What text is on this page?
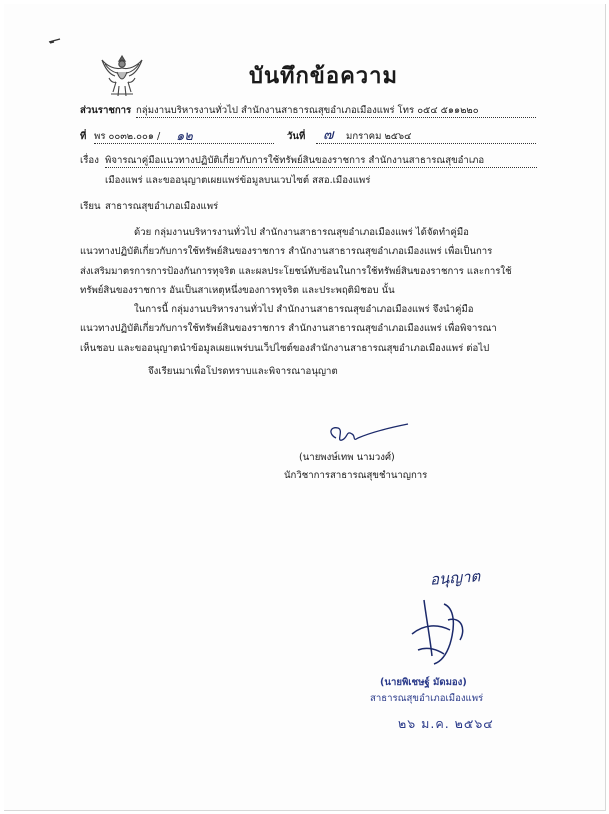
บันทึกข้อความ
ส่วนราชการ กลุ่มงานบริหารงานทั่วไป สำนักงานสาธารณสุขอำเภอเมืองแพร่ โทร ๐๕๔ ๕๑๑๒๒๐
ที่ พร ๐๐๓๒.๐๐๑ / ๑๒	วันที่ ๗ มกราคม ๒๕๖๔
เรื่อง พิจารณาคู่มือแนวทางปฏิบัติเกี่ยวกับการใช้ทรัพย์สินของราชการ สำนักงานสาธารณสุขอำเภอ
เมืองแพร่ และขออนุญาตเผยแพร่ข้อมูลบนเวบไซต์ สสอ.เมืองแพร่
เรียน สาธารณสุขอำเภอเมืองแพร่
ด้วย กลุ่มงานบริหารงานทั่วไป สำนักงานสาธารณสุขอำเภอเมืองแพร่ ได้จัดทำคู่มือ
แนวทางปฏิบัติเกี่ยวกับการใช้ทรัพย์สินของราชการ สำนักงานสาธารณสุขอำเภอเมืองแพร่ เพื่อเป็นการ
ส่งเสริมมาตรการการป้องกันการทุจริต และผลประโยชน์ทับซ้อนในการใช้ทรัพย์สินของราชการ และการใช้
ทรัพย์สินของราชการ อันเป็นสาเหตุหนึ่งของการทุจริต และประพฤติมิชอบ นั้น
ในการนี้ กลุ่มงานบริหารงานทั่วไป สำนักงานสาธารณสุขอำเภอเมืองแพร่ จึงนำคู่มือ
แนวทางปฏิบัติเกี่ยวกับการใช้ทรัพย์สินของราชการ สำนักงานสาธารณสุขอำเภอเมืองแพร่ เพื่อพิจารณา
เห็นชอบ และขออนุญาตนำข้อมูลเผยแพร่บนเว็ปไซต์ของสำนักงานสาธารณสุขอำเภอเมืองแพร่ ต่อไป
จึงเรียนมาเพื่อโปรดทราบและพิจารณาอนุญาต
(นายพงษ์เทพ นามวงศ์)
นักวิชาการสาธารณสุขชำนาญการ
อนุญาต
(นายพิเชษฐ์ มัดมอง)
สาธารณสุขอำเภอเมืองแพร่
๒๖ ม.ค. ๒๕๖๔
